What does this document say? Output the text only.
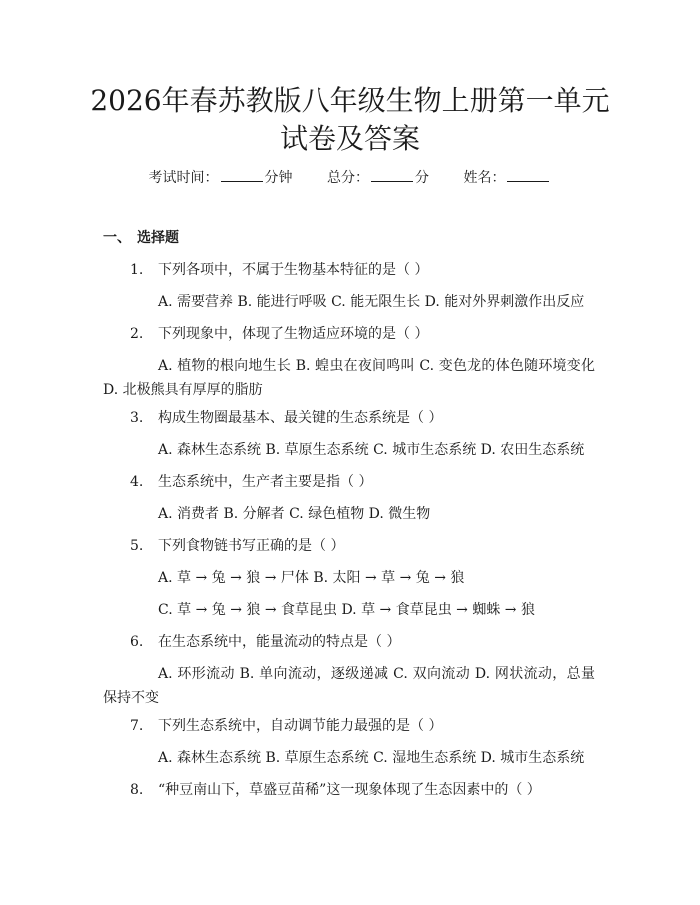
2026年春苏教版八年级生物上册第一单元试卷及答案
考试时间：	分钟 总分：	分 姓名：
一、 选择题
1. 下列各项中，不属于生物基本特征的是（ ）
A. 需要营养 B. 能进行呼吸 C. 能无限生长 D. 能对外界刺激作出反应
2. 下列现象中，体现了生物适应环境的是（ ）
A. 植物的根向地生长 B. 蝗虫在夜间鸣叫 C. 变色龙的体色随环境变化 D. 北极熊具有厚厚的脂肪
3. 构成生物圈最基本、最关键的生态系统是（ ）
A. 森林生态系统 B. 草原生态系统 C. 城市生态系统 D. 农田生态系统
4. 生态系统中，生产者主要是指（ ）
A. 消费者 B. 分解者 C. 绿色植物 D. 微生物
5. 下列食物链书写正确的是（ ）
A. 草 → 兔 → 狼 → 尸体 B. 太阳 → 草 → 兔 → 狼
C. 草 → 兔 → 狼 → 食草昆虫 D. 草 → 食草昆虫 → 蜘蛛 → 狼
6. 在生态系统中，能量流动的特点是（ ）
A. 环形流动 B. 单向流动，逐级递减 C. 双向流动 D. 网状流动，总量保持不变
7. 下列生态系统中，自动调节能力最强的是（ ）
A. 森林生态系统 B. 草原生态系统 C. 湿地生态系统 D. 城市生态系统
8. “种豆南山下，草盛豆苗稀”这一现象体现了生态因素中的（ ）
